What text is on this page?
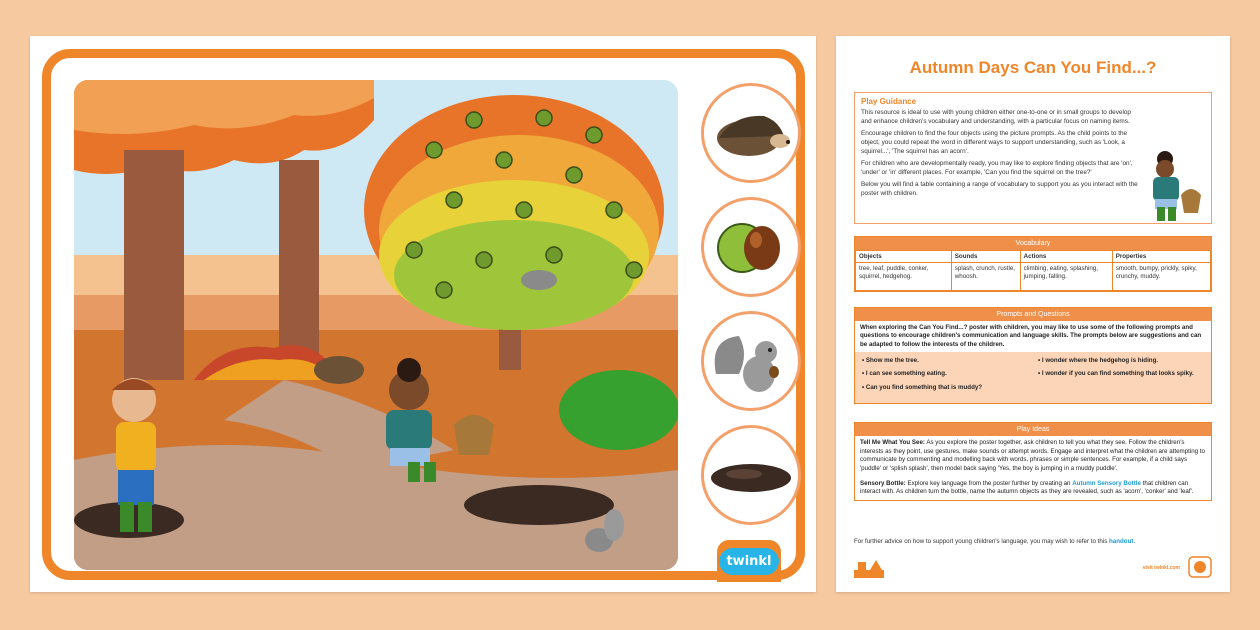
twinkl
Autumn Days Can You Find...?
Play Guidance

This resource is ideal to use with young children either one-to-one or in small groups to develop and enhance children's vocabulary and understanding, with a particular focus on naming items.

Encourage children to find the four objects using the picture prompts. As the child points to the object, you could repeat the word in different ways to support understanding, such as 'Look, a squirrel...', 'The squirrel has an acorn'.

For children who are developmentally ready, you may like to explore finding objects that are 'on', 'under' or 'in' different places. For example, 'Can you find the squirrel on the tree?'

Below you will find a table containing a range of vocabulary to support you as you interact with the poster with children.

Vocabulary
Objects	Sounds	Actions	Properties
tree, leaf, puddle, conker, squirrel, hedgehog.	splash, crunch, rustle, whoosh.	climbing, eating, splashing, jumping, falling.	smooth, bumpy, prickly, spiky, crunchy, muddy.
Prompts and Questions
When exploring the Can You Find...? poster with children, you may like to use some of the following prompts and questions to encourage children's communication and language skills. The prompts below are suggestions and can be adapted to follow the interests of the children.
• Show me the tree.
• I can see something eating.
• Can you find something that is muddy?
• I wonder where the hedgehog is hiding.
• I wonder if you can find something that looks spiky.
Play Ideas

Tell Me What You See: As you explore the poster together, ask children to tell you what they see. Follow the children's interests as they point, use gestures, make sounds or attempt words. Engage and interpret what the children are attempting to communicate by commenting and modelling back with words, phrases or simple sentences. For example, if a child says 'puddle' or 'splish splash', then model back saying 'Yes, the boy is jumping in a muddy puddle'.

Sensory Bottle: Explore key language from the poster further by creating an Autumn Sensory Bottle that children can interact with. As children turn the bottle, name the autumn objects as they are revealed, such as 'acorn', 'conker' and 'leaf'.

For further advice on how to support young children's language, you may wish to refer to this handout.
visit twinkl.com
